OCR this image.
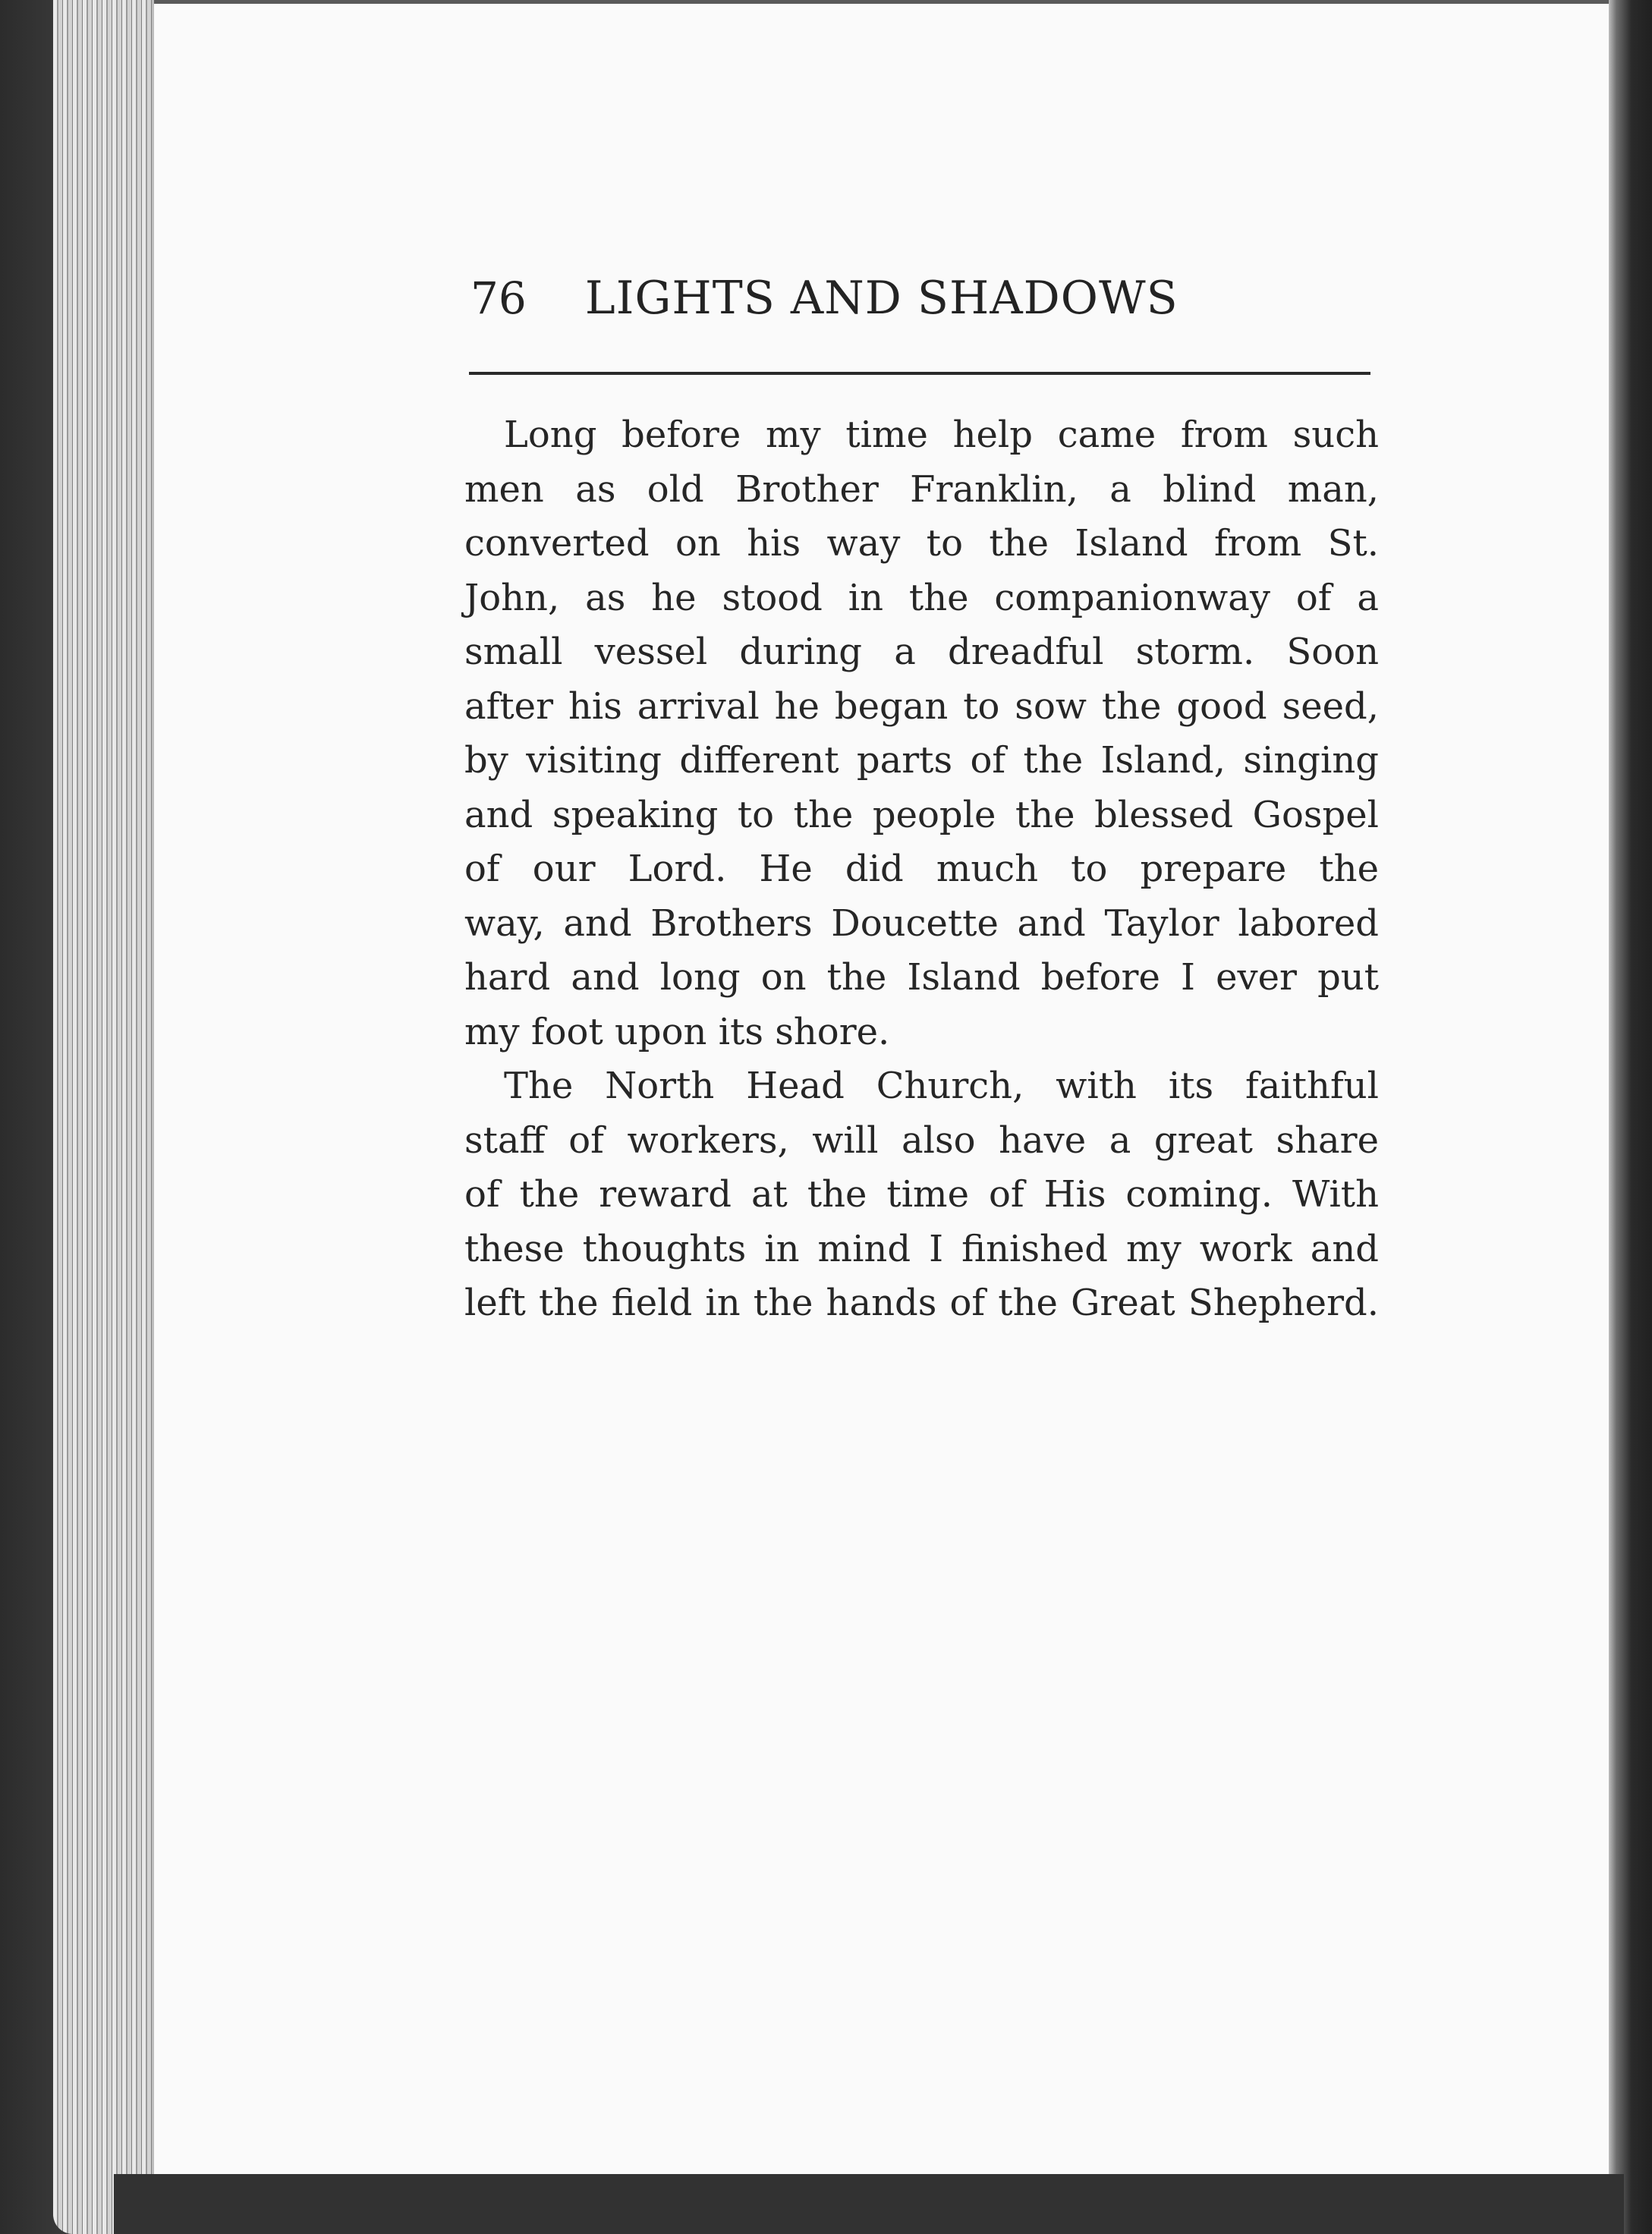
76 LIGHTS AND SHADOWS

Long before my time help came from such
men as old Brother Franklin, a blind man,
converted on his way to the Island from St.
John, as he stood in the companionway of a
small vessel during a dreadful storm. Soon
after his arrival he began to sow the good seed,
by visiting different parts of the Island, singing
and speaking to the people the blessed Gospel
of our Lord. He did much to prepare the
way, and Brothers Doucette and Taylor labored
hard and long on the Island before I ever put
my foot upon its shore.

The North Head Church, with its faithful
staff of workers, will also have a great share
of the reward at the time of His coming. With
these thoughts in mind I finished my work and
left the field in the hands of the Great Shepherd.
